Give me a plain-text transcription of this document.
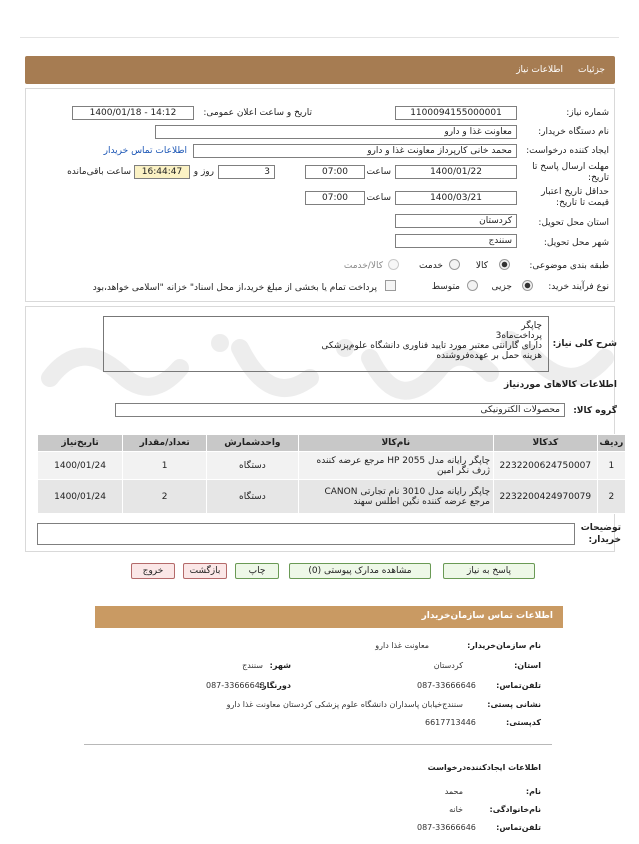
جزئیات
اطلاعات نیاز
شماره نیاز:
1100094155000001
تاریخ و ساعت اعلان عمومی:
1400/01/18 - 14:12
نام دستگاه خریدار:
معاونت غذا و دارو
ایجاد کننده درخواست:
محمد خانی کارپرداز معاونت غذا و دارو
اطلاعات تماس خریدار
مهلت ارسال پاسخ تا
تاریخ:
1400/01/22
ساعت
07:00
3
روز و
16:44:47
ساعت باقی‌مانده
حداقل تاریخ اعتبار
قیمت تا تاریخ:
1400/03/21
ساعت
07:00
استان محل تحویل:
کردستان
شهر محل تحویل:
سنندج
طبقه بندی موضوعی:
کالا
خدمت
کالا/خدمت
نوع فرآیند خرید:
جزیی
متوسط
پرداخت تمام یا بخشی از مبلغ خرید،از محل اسناد" خزانه "اسلامی خواهد،بود
شرح کلی نیاز:
چاپگر
پرداخت‌ماه3
دارای گارانتی معتبر مورد تایید فناوری دانشگاه علوم‌پزشکی
هزینه حمل بر عهده‌فروشنده
اطلاعات کالاهای موردنیاز
گروه کالا:
محصولات الکترونیکی
ردیف	کدکالا	نام‌کالا	واحدشمارش	تعداد/مقدار	تاریخ‌نیاز
1	2232200624750007	چاپگر رایانه مدل HP 2055 مرجع عرضه کننده ژرف نگر امین	دستگاه	1	1400/01/24
2	2232200424970079	چاپگر رایانه مدل 3010 نام تجارتی CANON مرجع عرضه کننده نگین اطلس سهند	دستگاه	2	1400/01/24
توضیحات
خریدار:
پاسخ به نیاز
مشاهده مدارک پیوستی (0)
چاپ
بازگشت
خروج
اطلاعات تماس سازمان‌خریدار
نام سازمان‌خریدار:
معاونت غذا دارو
استان:
کردستان
شهر:
سنندج
تلفن‌تماس:
087-33666646
دورنگار:
087-33666648
نشانی پستی:
سنندج‌خیابان پاسداران دانشگاه علوم پزشکی کردستان معاونت غذا دارو
کدپستی:
6617713446
اطلاعات ایجادکننده‌درخواست
نام:
محمد
نام‌خانوادگی:
خانه
تلفن‌تماس:
087-33666646
